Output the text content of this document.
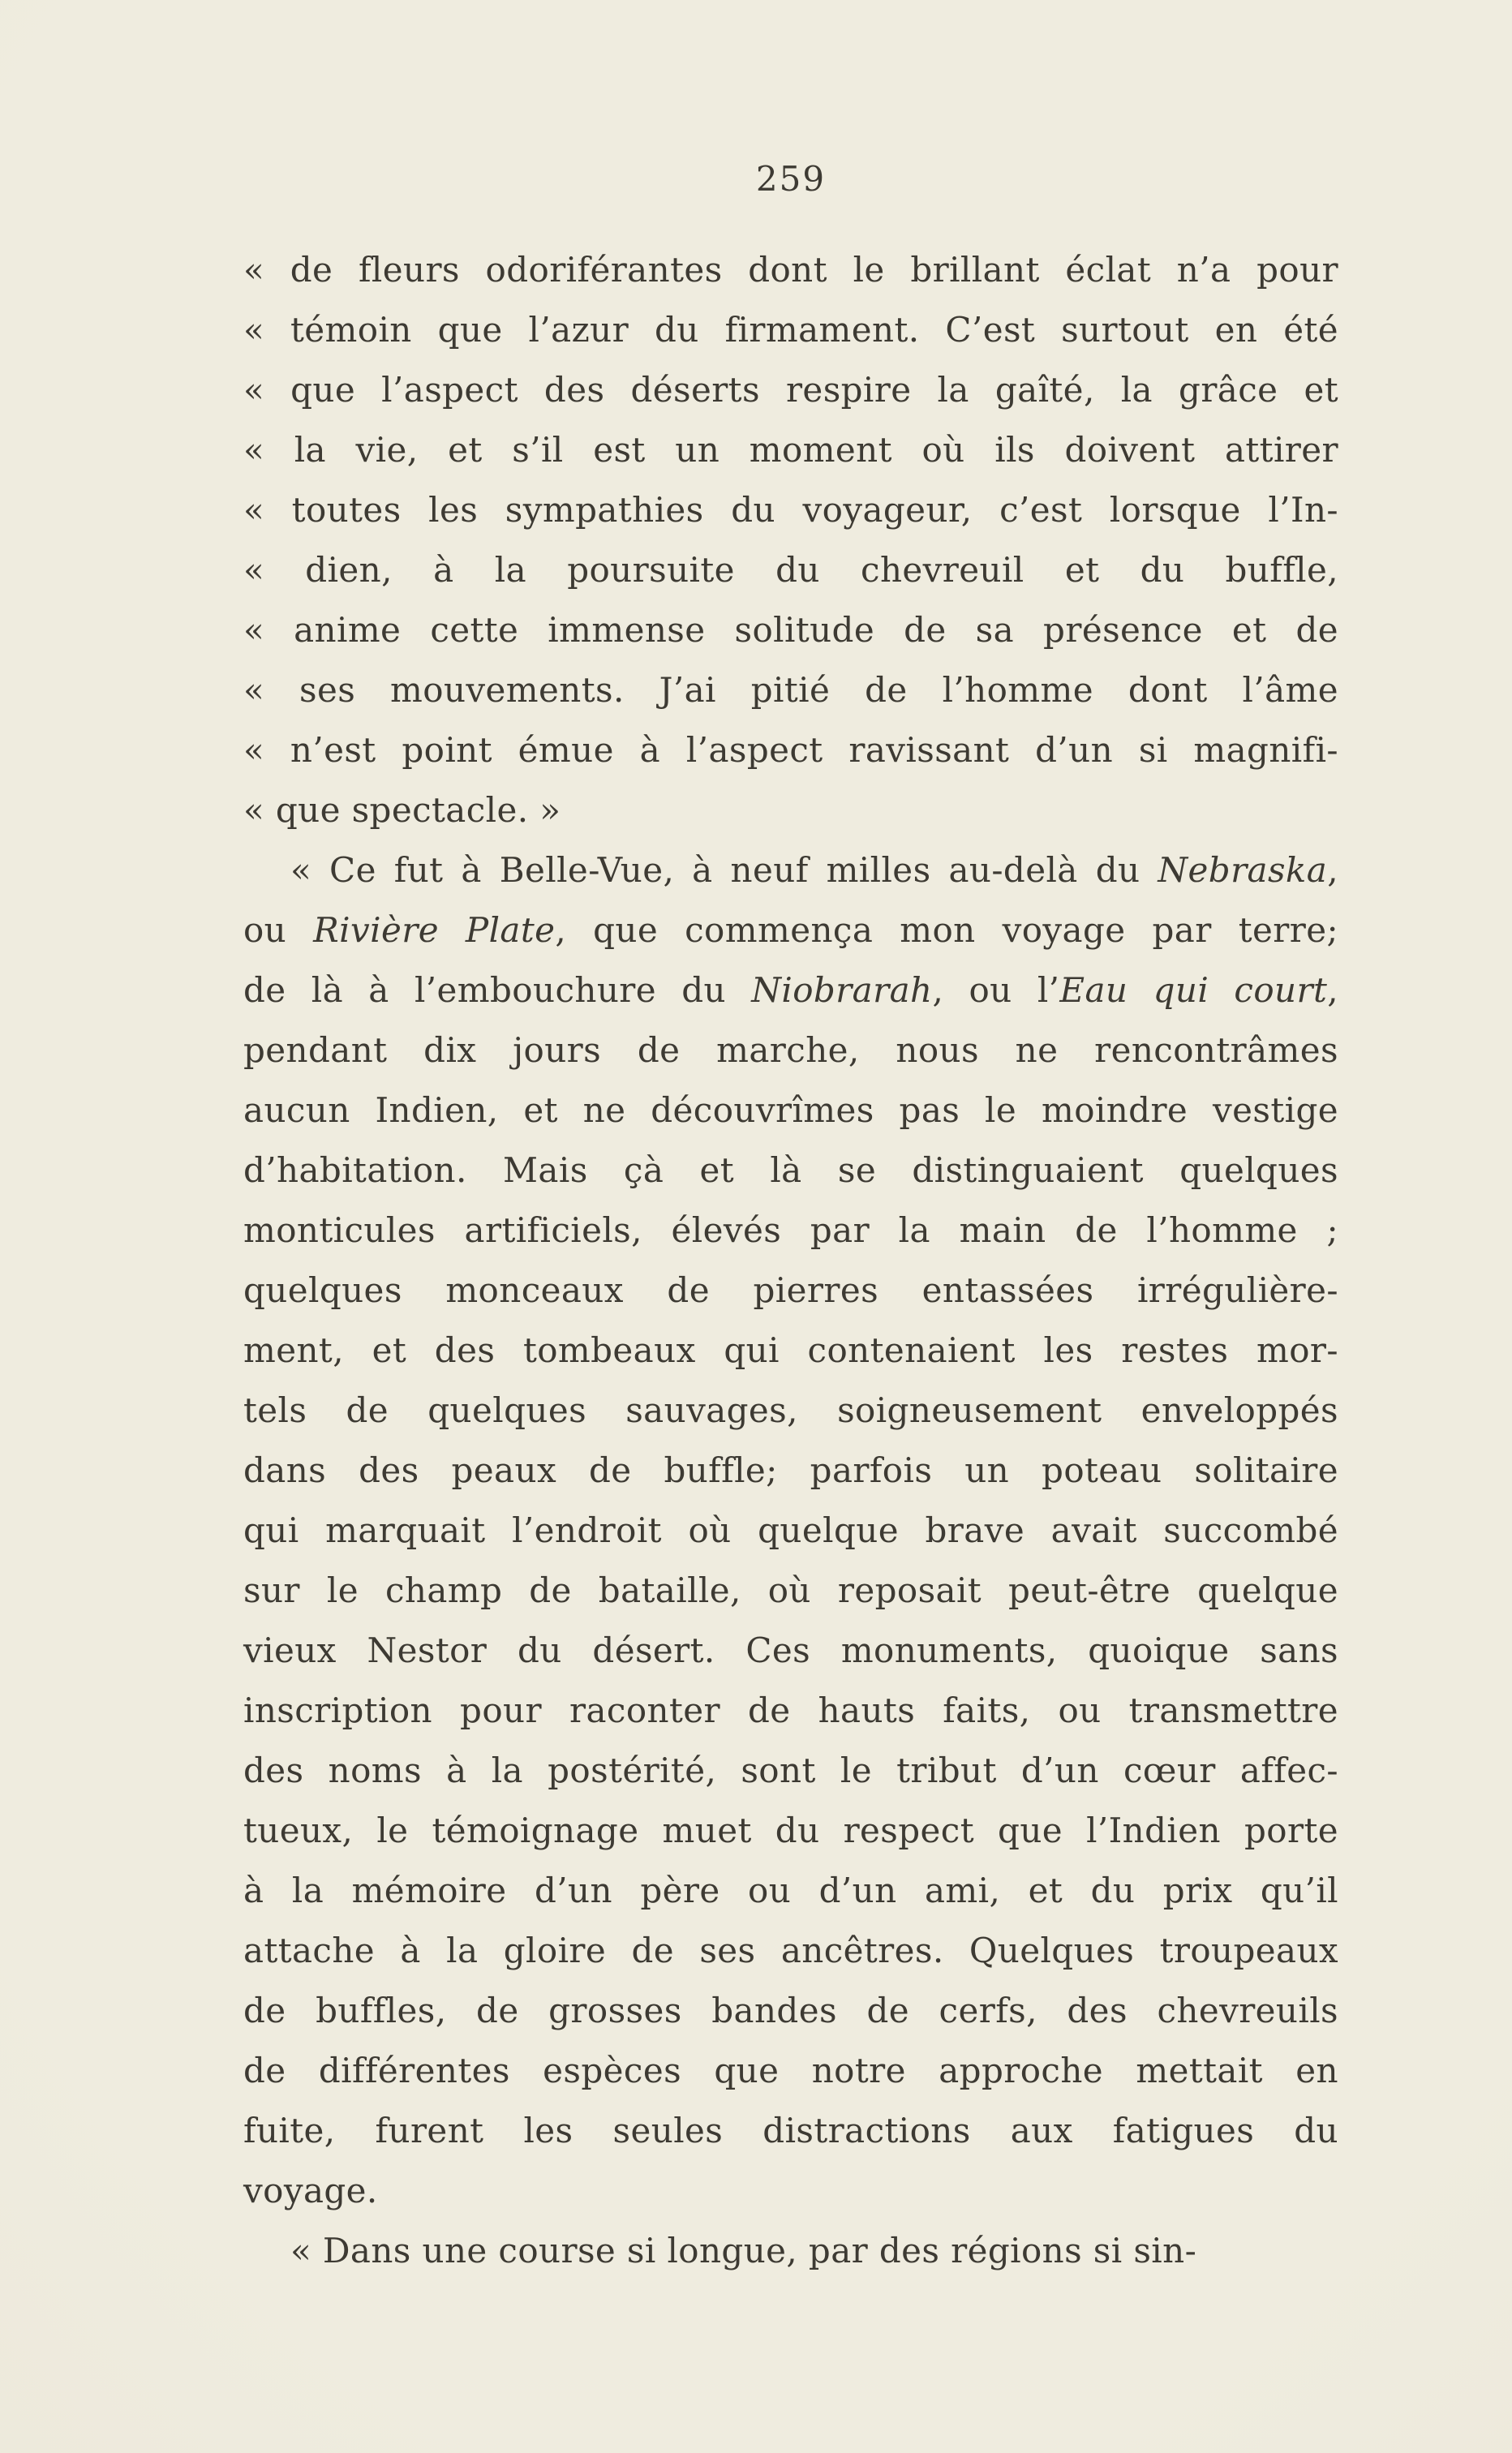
259
« de fleurs odoriférantes dont le brillant éclat n’a pour
« témoin que l’azur du firmament. C’est surtout en été
« que l’aspect des déserts respire la gaîté, la grâce et
« la vie, et s’il est un moment où ils doivent attirer
« toutes les sympathies du voyageur, c’est lorsque l’In-
« dien, à la poursuite du chevreuil et du buffle,
« anime cette immense solitude de sa présence et de
« ses mouvements. J’ai pitié de l’homme dont l’âme
« n’est point émue à l’aspect ravissant d’un si magnifi-
« que spectacle. »
« Ce fut à Belle-Vue, à neuf milles au-delà du Nebraska,
ou Rivière Plate, que commença mon voyage par terre;
de là à l’embouchure du Niobrarah, ou l’Eau qui court,
pendant dix jours de marche, nous ne rencontrâmes
aucun Indien, et ne découvrîmes pas le moindre vestige
d’habitation. Mais çà et là se distinguaient quelques
monticules artificiels, élevés par la main de l’homme ;
quelques monceaux de pierres entassées irrégulière-
ment, et des tombeaux qui contenaient les restes mor-
tels de quelques sauvages, soigneusement enveloppés
dans des peaux de buffle; parfois un poteau solitaire
qui marquait l’endroit où quelque brave avait succombé
sur le champ de bataille, où reposait peut-être quelque
vieux Nestor du désert. Ces monuments, quoique sans
inscription pour raconter de hauts faits, ou transmettre
des noms à la postérité, sont le tribut d’un cœur affec-
tueux, le témoignage muet du respect que l’Indien porte
à la mémoire d’un père ou d’un ami, et du prix qu’il
attache à la gloire de ses ancêtres. Quelques troupeaux
de buffles, de grosses bandes de cerfs, des chevreuils
de différentes espèces que notre approche mettait en
fuite, furent les seules distractions aux fatigues du
voyage.
« Dans une course si longue, par des régions si sin-
